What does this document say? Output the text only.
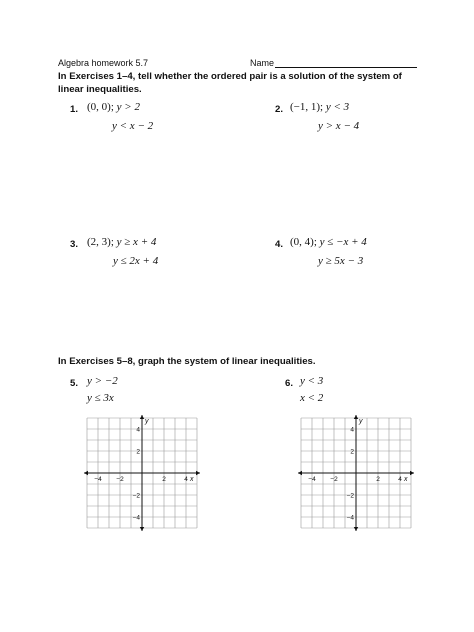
Algebra homework 5.7	Name
In Exercises 1–4, tell whether the ordered pair is a solution of the system of linear inequalities.
1. (0, 0); y > 2
y < x − 2
2. (−1, 1); y < 3
y > x − 4
3. (2, 3); y ≥ x + 4
y ≤ 2x + 4
4. (0, 4); y ≤ −x + 4
y ≥ 5x − 3
In Exercises 5–8, graph the system of linear inequalities.
5. y > −2
y ≤ 3x
6. y < 3
x < 2
−4 −2	2	4
4
2
−2
−4
x
y
−4 −2	2	4
4
2
−2
−4
x
y
